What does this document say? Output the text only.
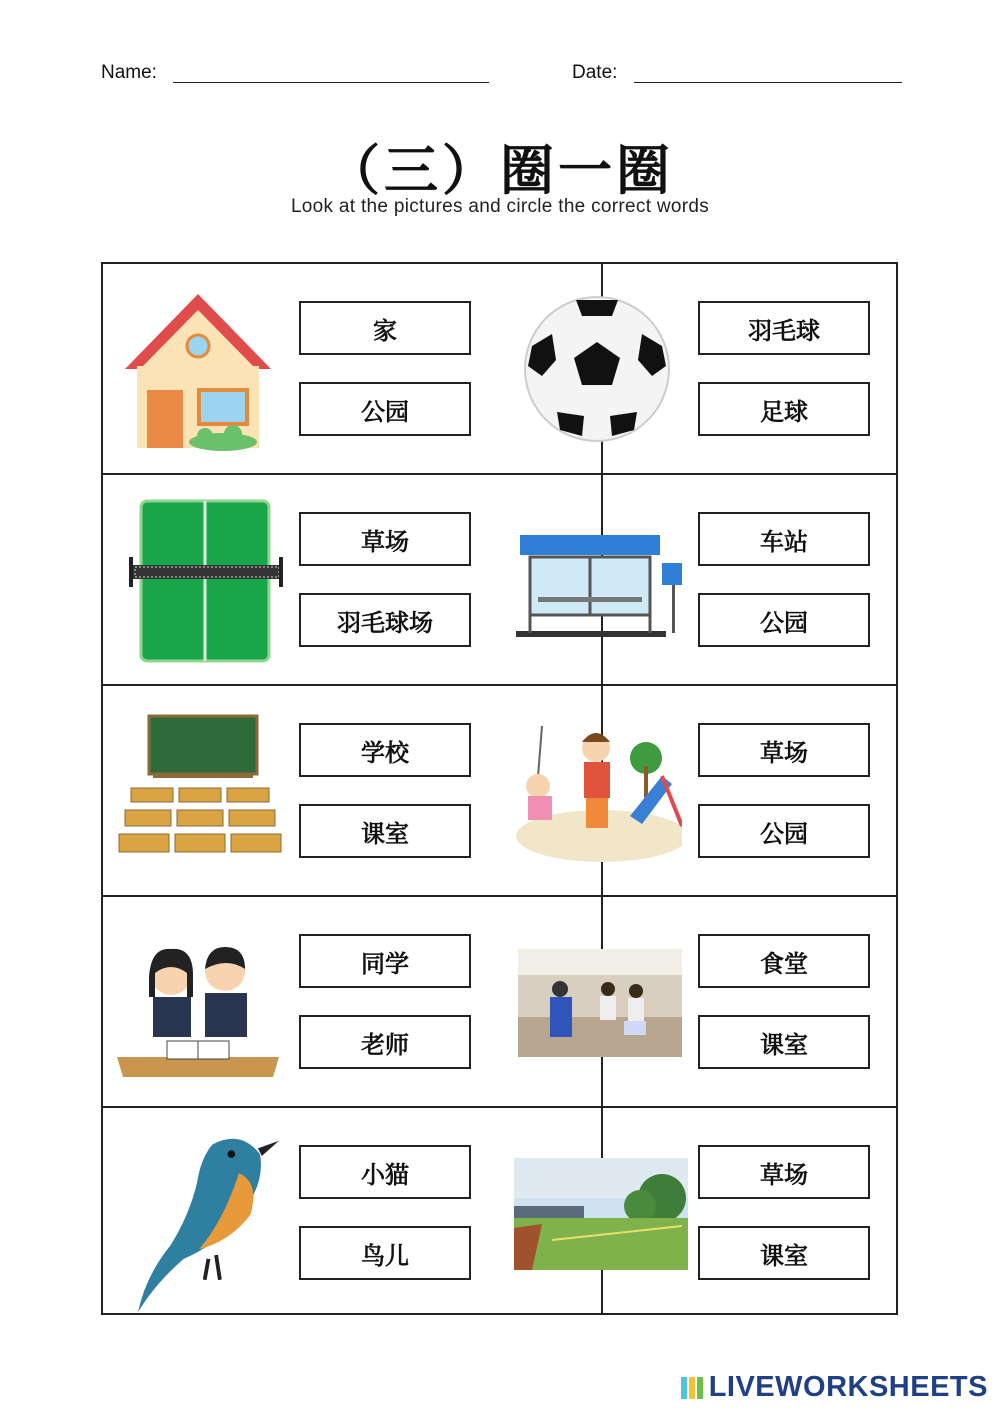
Name:	Date:
（三）圈一圈
Look at the pictures and circle the correct words
家
公园
羽毛球
足球
草场
羽毛球场
车站
公园
学校
课室
草场
公园
同学
老师
食堂
课室
小猫
鸟儿
草场
课室
LIVEWORKSHEETS
